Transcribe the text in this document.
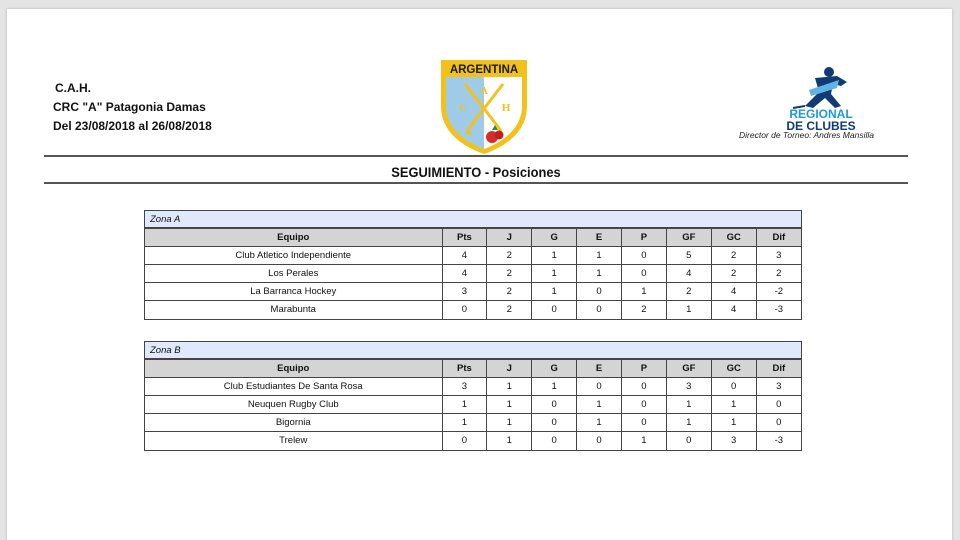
C.A.H.
CRC "A" Patagonia Damas
Del 23/08/2018 al 26/08/2018
ARGENTINA
A
C	H	REGIONAL
DE CLUBES
Director de Torneo: Andres Mansilla
SEGUIMIENTO - Posiciones
Zona A
Equipo	Pts	J	G	E	P	GF	GC	Dif
Club Atletico Independiente	4	2	1	1	0	5	2	3
Los Perales	4	2	1	1	0	4	2	2
La Barranca Hockey	3	2	1	0	1	2	4	-2
Marabunta	0	2	0	0	2	1	4	-3
Zona B
Equipo	Pts	J	G	E	P	GF	GC	Dif
Club Estudiantes De Santa Rosa	3	1	1	0	0	3	0	3
Neuquen Rugby Club	1	1	0	1	0	1	1	0
Bigornia	1	1	0	1	0	1	1	0
Trelew	0	1	0	0	1	0	3	-3
